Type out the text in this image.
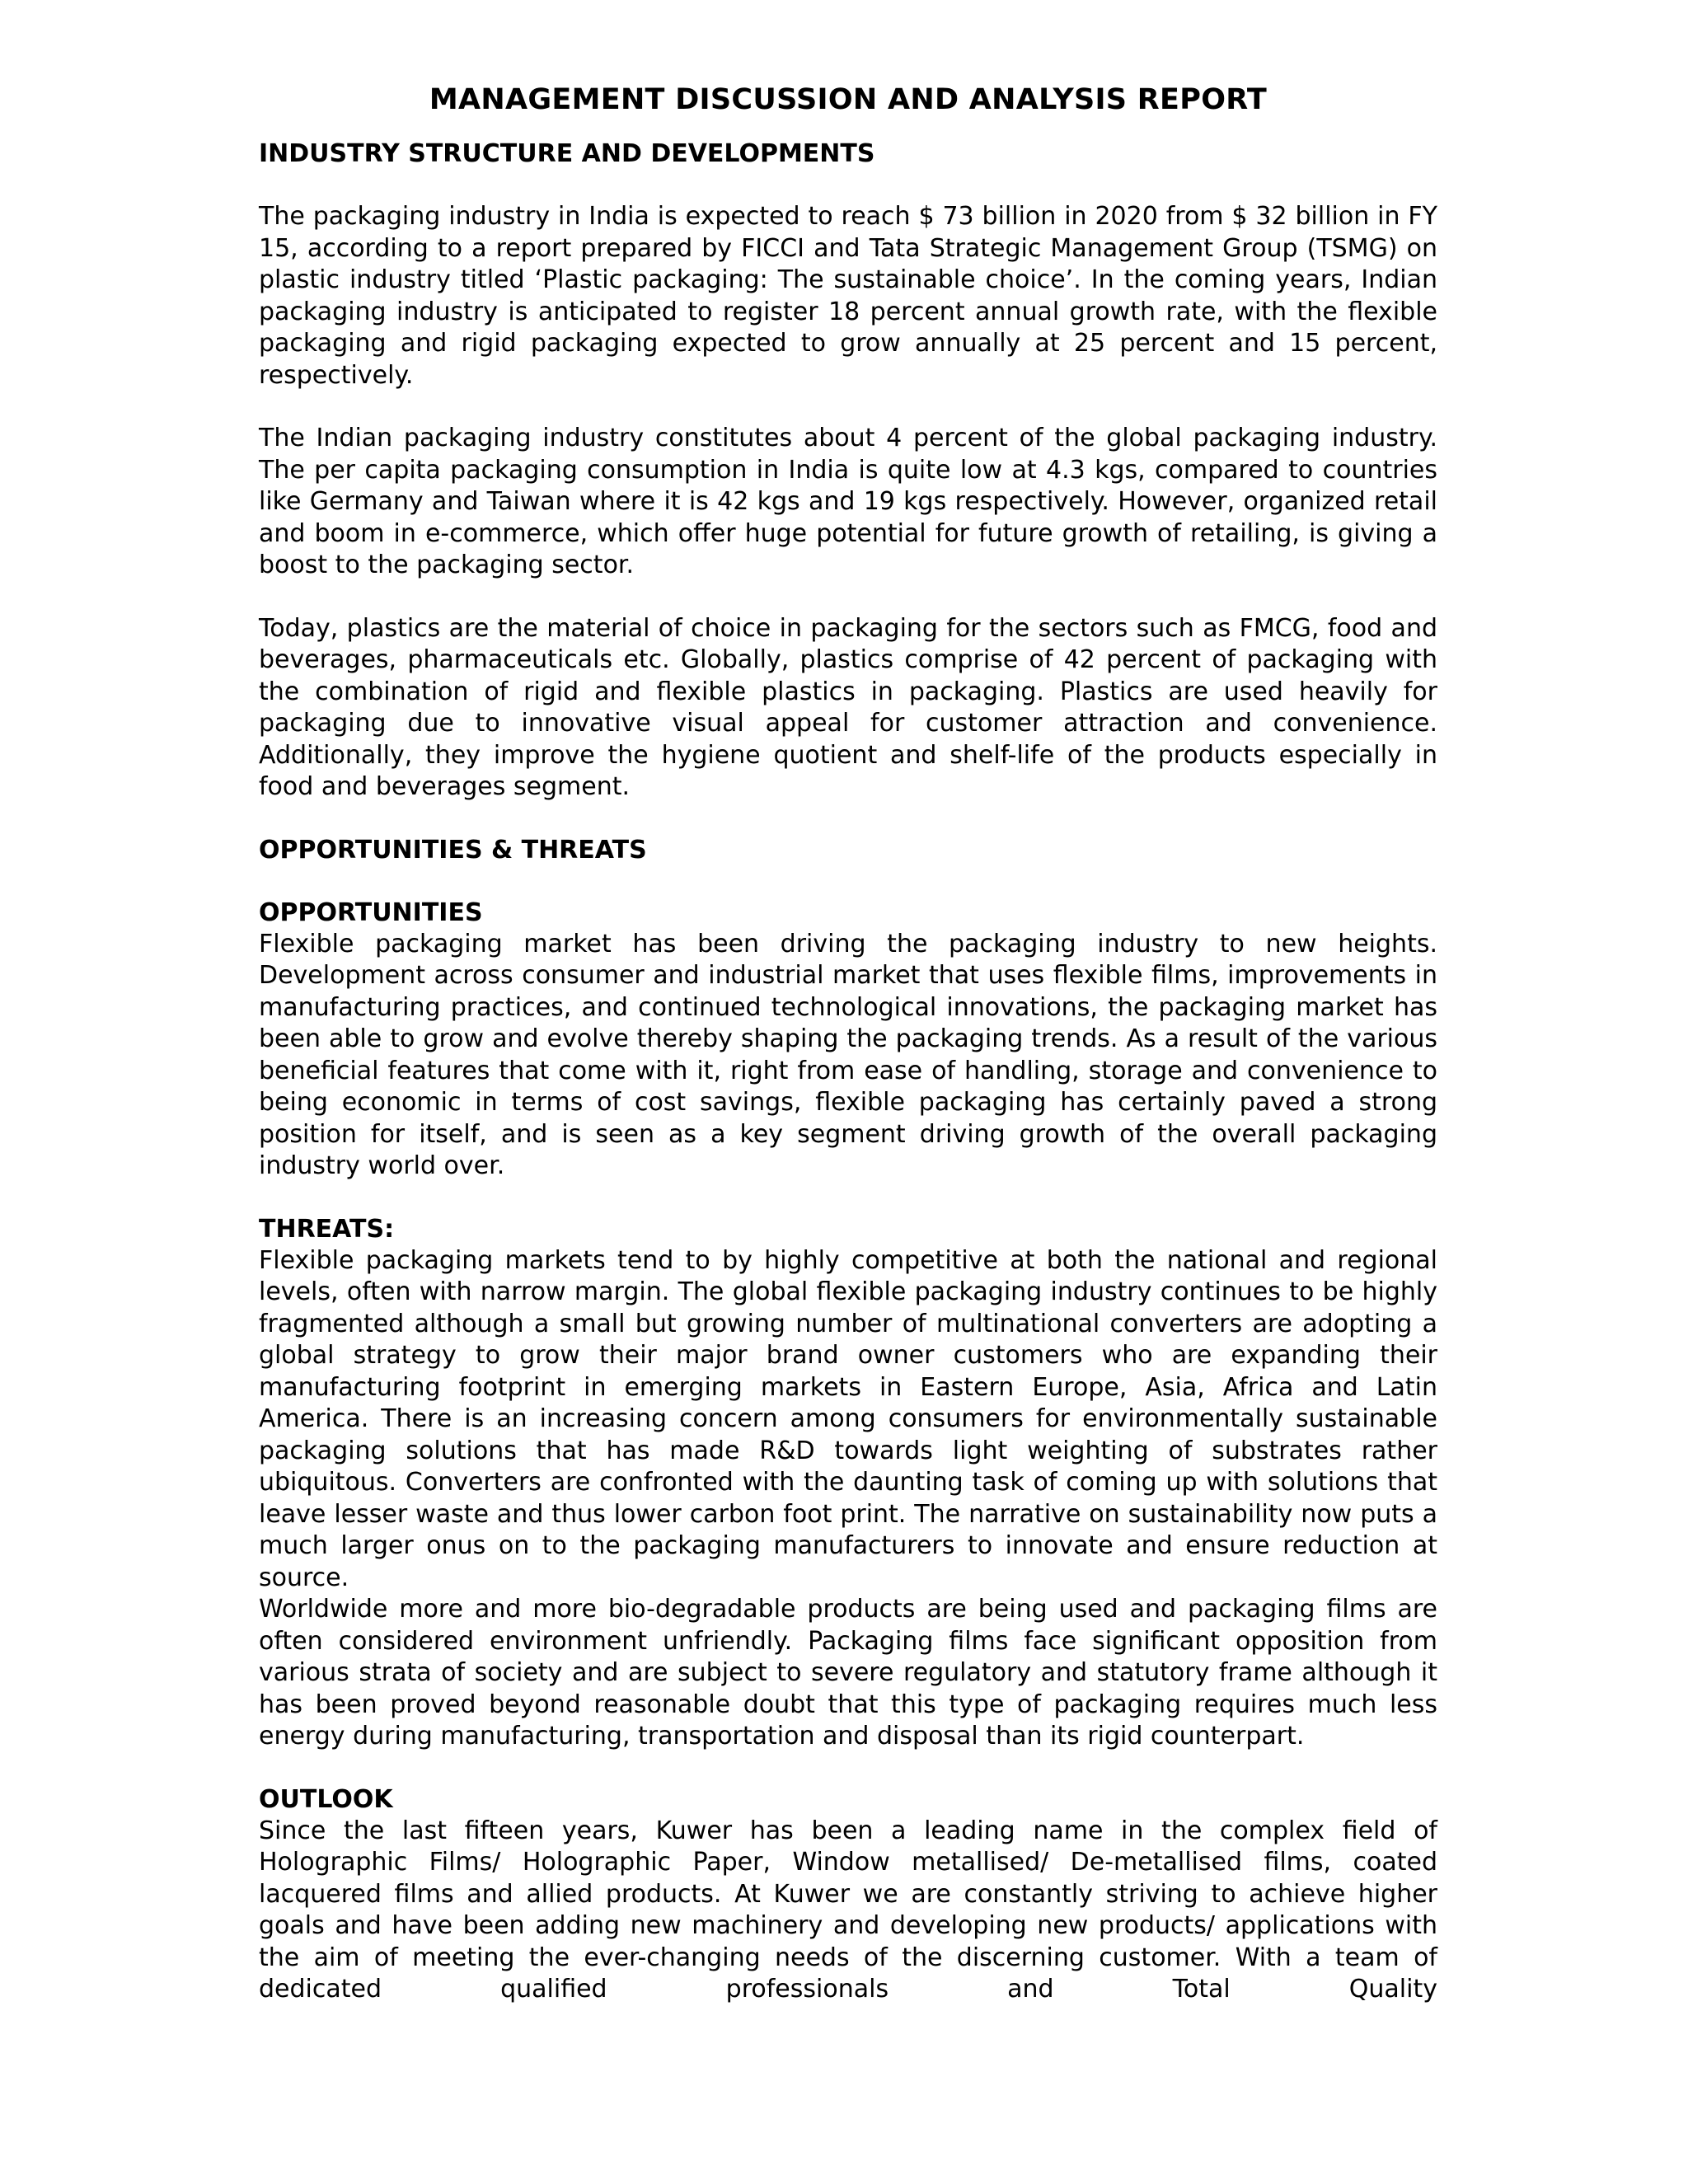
MANAGEMENT DISCUSSION AND ANALYSIS REPORT
INDUSTRY STRUCTURE AND DEVELOPMENTS

The packaging industry in India is expected to reach $ 73 billion in 2020 from $ 32 billion in FY 15, according to a report prepared by FICCI and Tata Strategic Management Group (TSMG) on plastic industry titled ‘Plastic packaging: The sustainable choice’. In the coming years, Indian packaging industry is anticipated to register 18 percent annual growth rate, with the flexible packaging and rigid packaging expected to grow annually at 25 percent and 15 percent, respectively.

The Indian packaging industry constitutes about 4 percent of the global packaging industry. The per capita packaging consumption in India is quite low at 4.3 kgs, compared to countries like Germany and Taiwan where it is 42 kgs and 19 kgs respectively. However, organized retail and boom in e-commerce, which offer huge potential for future growth of retailing, is giving a boost to the packaging sector.

Today, plastics are the material of choice in packaging for the sectors such as FMCG, food and beverages, pharmaceuticals etc. Globally, plastics comprise of 42 percent of packaging with the combination of rigid and flexible plastics in packaging. Plastics are used heavily for packaging due to innovative visual appeal for customer attraction and convenience. Additionally, they improve the hygiene quotient and shelf-life of the products especially in food and beverages segment.

OPPORTUNITIES & THREATS
OPPORTUNITIES

Flexible packaging market has been driving the packaging industry to new heights. Development across consumer and industrial market that uses flexible films, improvements in manufacturing practices, and continued technological innovations, the packaging market has been able to grow and evolve thereby shaping the packaging trends. As a result of the various beneficial features that come with it, right from ease of handling, storage and convenience to being economic in terms of cost savings, flexible packaging has certainly paved a strong position for itself, and is seen as a key segment driving growth of the overall packaging industry world over.

THREATS:

Flexible packaging markets tend to by highly competitive at both the national and regional levels, often with narrow margin. The global flexible packaging industry continues to be highly fragmented although a small but growing number of multinational converters are adopting a global strategy to grow their major brand owner customers who are expanding their manufacturing footprint in emerging markets in Eastern Europe, Asia, Africa and Latin America. There is an increasing concern among consumers for environmentally sustainable packaging solutions that has made R&D towards light weighting of substrates rather ubiquitous. Converters are confronted with the daunting task of coming up with solutions that leave lesser waste and thus lower carbon foot print. The narrative on sustainability now puts a much larger onus on to the packaging manufacturers to innovate and ensure reduction at source.

Worldwide more and more bio-degradable products are being used and packaging films are often considered environment unfriendly. Packaging films face significant opposition from various strata of society and are subject to severe regulatory and statutory frame although it has been proved beyond reasonable doubt that this type of packaging requires much less energy during manufacturing, transportation and disposal than its rigid counterpart.

OUTLOOK

Since the last fifteen years, Kuwer has been a leading name in the complex field of Holographic Films/ Holographic Paper, Window metallised/ De-metallised films, coated lacquered films and allied products. At Kuwer we are constantly striving to achieve higher goals and have been adding new machinery and developing new products/ applications with the aim of meeting the ever-changing needs of the discerning customer. With a team of dedicated qualified professionals and Total Quality
